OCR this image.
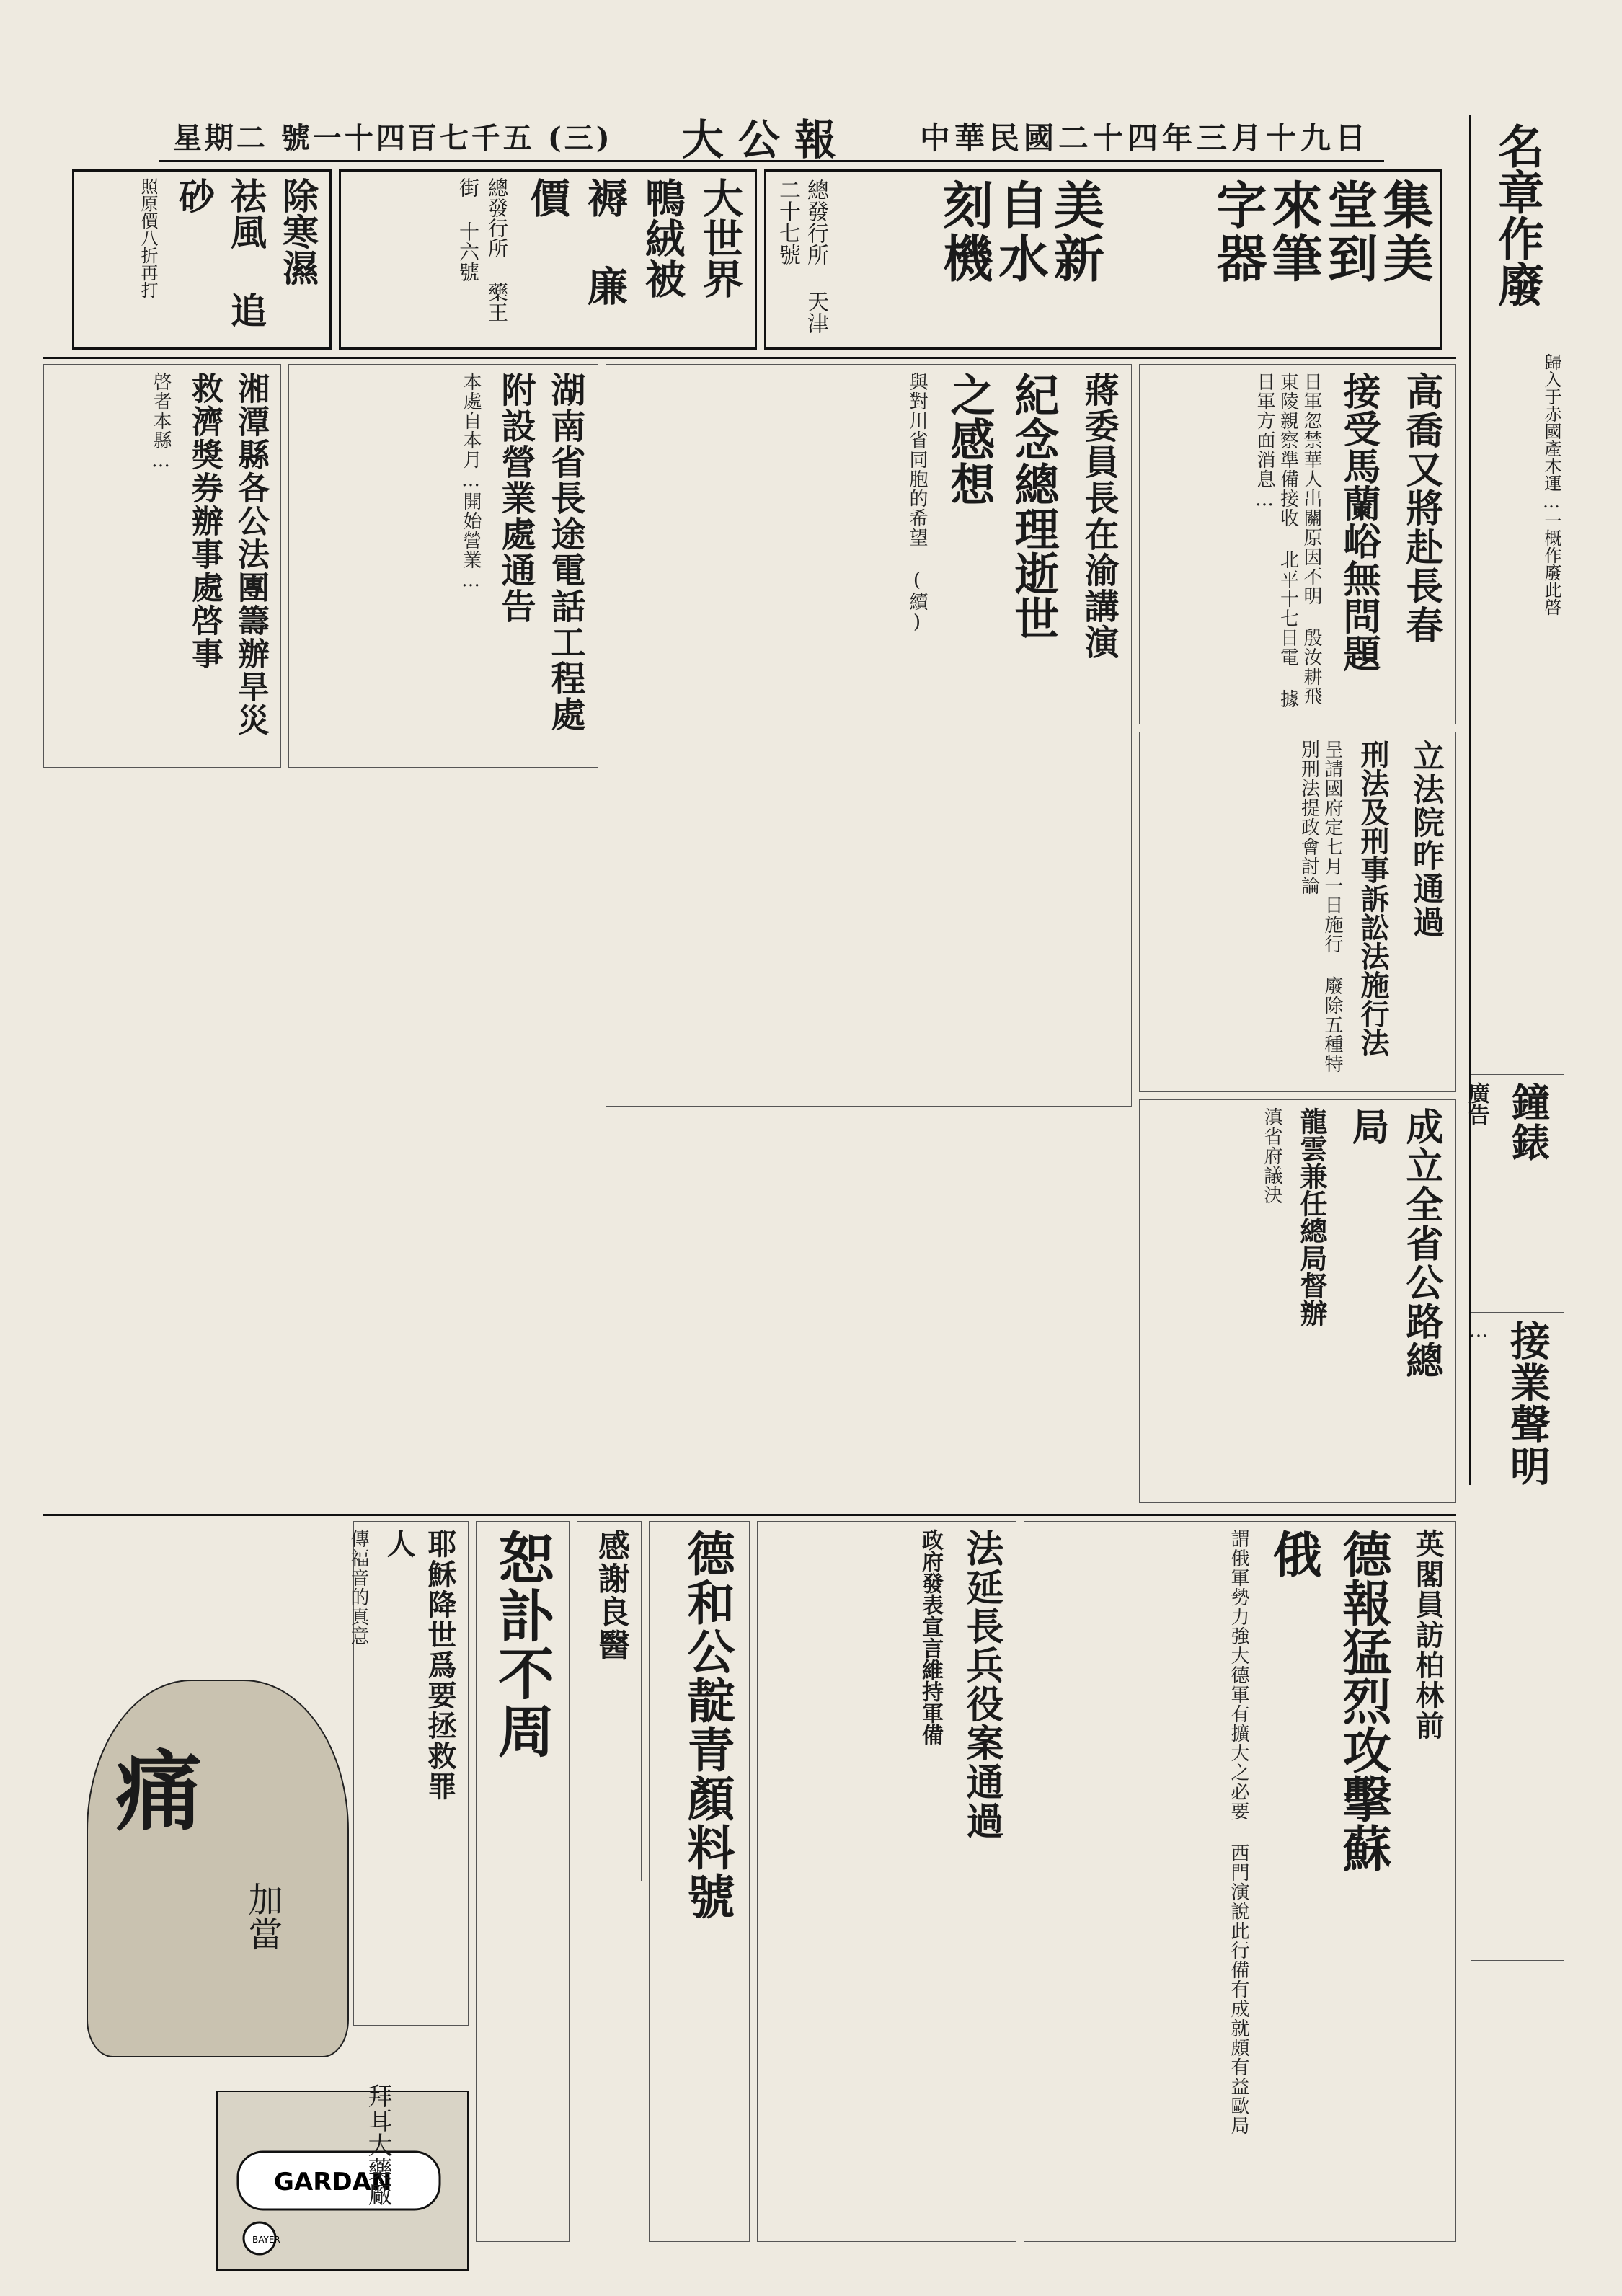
中華民國二十四年三月十九日
大公報
星期二 號一十四百七千五 (三)	名章作廢
歸入于赤國產木運…一概作廢此啓
集美堂到來筆字器
美新自水刻機
總發行所 天津二十七號
大世界 鴨絨被褥 廉價
總發行所 藥王街 十六號
除寒濕 祛風 追砂
照原價八折再打
高喬又將赴長春
接受馬蘭峪無問題
日軍忽禁華人出關原因不明 殷汝耕飛東陵親察準備接收 北平十七日電 據日軍方面消息…
立法院昨通過
刑法及刑事訴訟法施行法
呈請國府定七月一日施行 廢除五種特別刑法提政會討論
蔣委員長在渝講演
紀念總理逝世之感想
與對川省同胞的希望 (續)
湖南省長途電話工程處附設營業處通告
本處自本月…開始營業…
湘潭縣各公法團籌辦旱災救濟獎券辦事處啓事
啓者本縣…
成立全省公路總局
龍雲兼任總局督辦
滇省府議決
英閣員訪柏林前
德報猛烈攻擊蘇俄
謂俄軍勢力強大德軍有擴大之必要 西門演說此行備有成就頗有益歐局
法延長兵役案通過
政府發表宣言維持軍備
德和公靛青顏料號
感謝良醫
恕訃不周
耶穌降世爲要拯救罪人
傳福音的真意
痛
GARDAN
BAYER
加當
拜耳大藥廠
接業聲明
…
鐘錶
廣告
